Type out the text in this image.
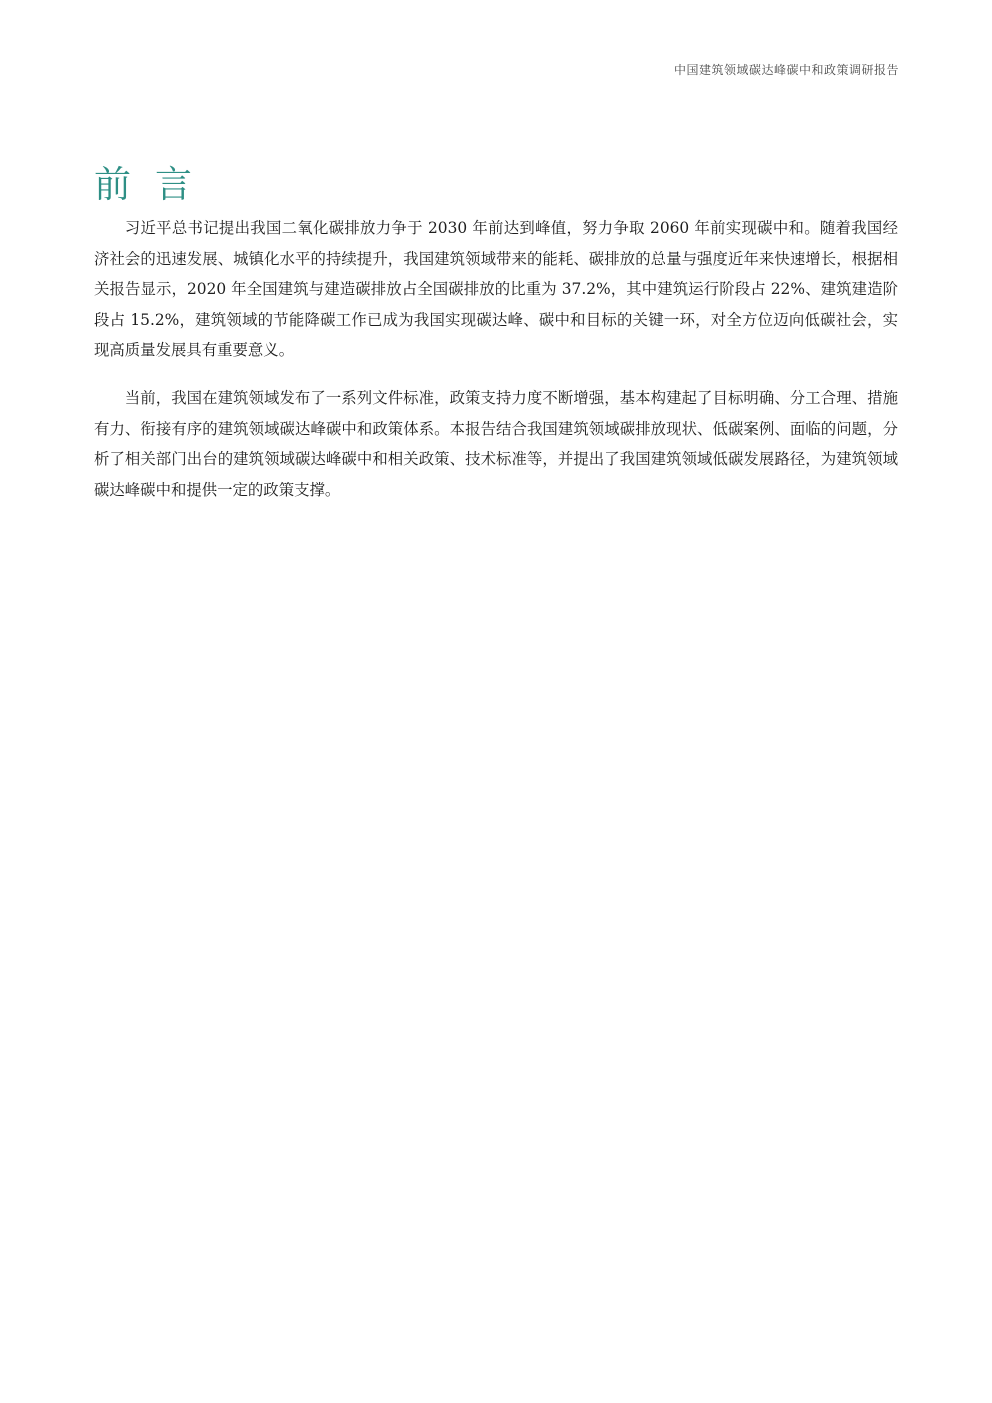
中国建筑领域碳达峰碳中和政策调研报告
前言

习近平总书记提出我国二氧化碳排放力争于 2030 年前达到峰值，努力争取 2060 年前实现碳中和。随着我国经济社会的迅速发展、城镇化水平的持续提升，我国建筑领域带来的能耗、碳排放的总量与强度近年来快速增长，根据相关报告显示，2020 年全国建筑与建造碳排放占全国碳排放的比重为 37.2%，其中建筑运行阶段占 22%、建筑建造阶段占 15.2%，建筑领域的节能降碳工作已成为我国实现碳达峰、碳中和目标的关键一环，对全方位迈向低碳社会，实现高质量发展具有重要意义。

当前，我国在建筑领域发布了一系列文件标准，政策支持力度不断增强，基本构建起了目标明确、分工合理、措施有力、衔接有序的建筑领域碳达峰碳中和政策体系。本报告结合我国建筑领域碳排放现状、低碳案例、面临的问题，分析了相关部门出台的建筑领域碳达峰碳中和相关政策、技术标准等，并提出了我国建筑领域低碳发展路径，为建筑领域碳达峰碳中和提供一定的政策支撑。
